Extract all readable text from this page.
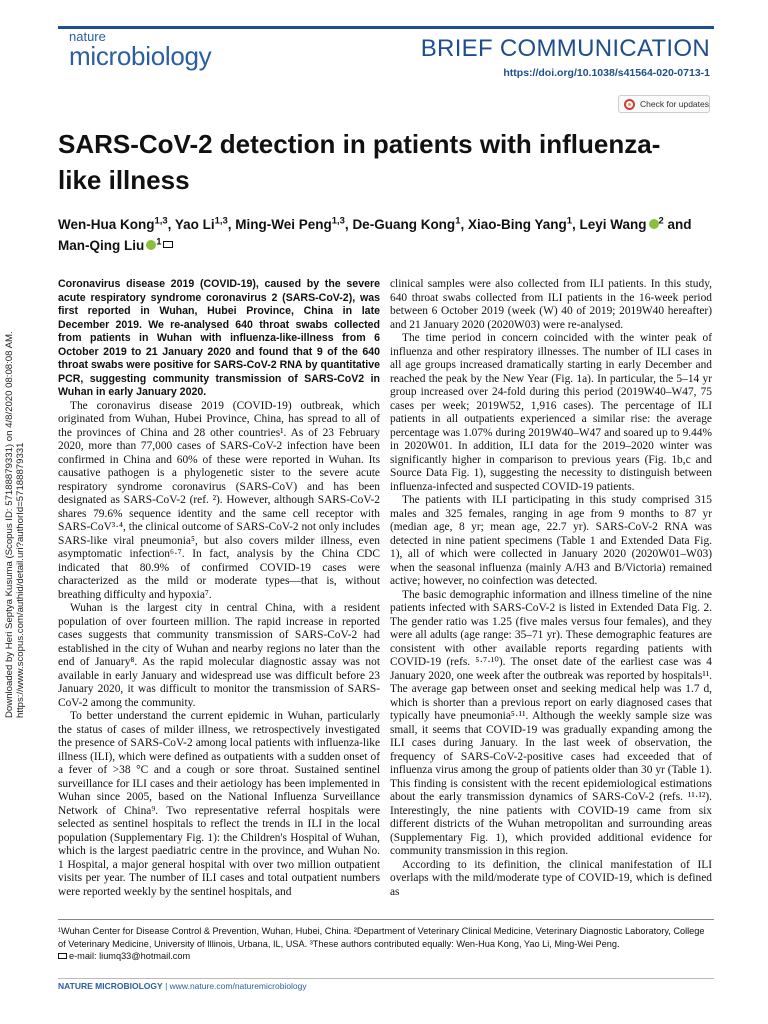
Downloaded by Heri Septya Kusuma (Scopus ID: 57188879331) on 4/8/2020 08:08:08 AM. https://www.scopus.com/authid/detail.uri?authorId=57188879331
nature
microbiology	BRIEF COMMUNICATION
https://doi.org/10.1038/s41564-020-0713-1
Check for updates
SARS-CoV-2 detection in patients with influenza-like illness
Wen-Hua Kong$^{1,3}$, Yao Li$^{1,3}$, Ming-Wei Peng$^{1,3}$, De-Guang Kong$^1$, Xiao-Bing Yang$^1$, Leyi Wang $^2$ and Man-Qing Liu $^1$

Coronavirus disease 2019 (COVID-19), caused by the severe acute respiratory syndrome coronavirus 2 (SARS-CoV-2), was first reported in Wuhan, Hubei Province, China in late December 2019. We re-analysed 640 throat swabs collected from patients in Wuhan with influenza-like-illness from 6 October 2019 to 21 January 2020 and found that 9 of the 640 throat swabs were positive for SARS-CoV-2 RNA by quantitative PCR, suggesting community transmission of SARS-CoV2 in Wuhan in early January 2020.

The coronavirus disease 2019 (COVID-19) outbreak, which originated from Wuhan, Hubei Province, China, has spread to all of the provinces of China and 28 other countries¹. As of 23 February 2020, more than 77,000 cases of SARS-CoV-2 infection have been confirmed in China and 60% of these were reported in Wuhan. Its causative pathogen is a phylogenetic sister to the severe acute respiratory syndrome coronavirus (SARS-CoV) and has been designated as SARS-CoV-2 (ref. ²). However, although SARS-CoV-2 shares 79.6% sequence identity and the same cell receptor with SARS-CoV³·⁴, the clinical outcome of SARS-CoV-2 not only includes SARS-like viral pneumonia⁵, but also covers milder illness, even asymptomatic infection⁶·⁷. In fact, analysis by the China CDC indicated that 80.9% of confirmed COVID-19 cases were characterized as the mild or moderate types—that is, without breathing difficulty and hypoxia⁷.

Wuhan is the largest city in central China, with a resident population of over fourteen million. The rapid increase in reported cases suggests that community transmission of SARS-CoV-2 had established in the city of Wuhan and nearby regions no later than the end of January⁸. As the rapid molecular diagnostic assay was not available in early January and widespread use was difficult before 23 January 2020, it was difficult to monitor the transmission of SARS-CoV-2 among the community.

To better understand the current epidemic in Wuhan, particularly the status of cases of milder illness, we retrospectively investigated the presence of SARS-CoV-2 among local patients with influenza-like illness (ILI), which were defined as outpatients with a sudden onset of a fever of >38 °C and a cough or sore throat. Sustained sentinel surveillance for ILI cases and their aetiology has been implemented in Wuhan since 2005, based on the National Influenza Surveillance Network of China⁹. Two representative referral hospitals were selected as sentinel hospitals to reflect the trends in ILI in the local population (Supplementary Fig. 1): the Children's Hospital of Wuhan, which is the largest paediatric centre in the province, and Wuhan No. 1 Hospital, a major general hospital with over two million outpatient visits per year. The number of ILI cases and total outpatient numbers were reported weekly by the sentinel hospitals, and

clinical samples were also collected from ILI patients. In this study, 640 throat swabs collected from ILI patients in the 16-week period between 6 October 2019 (week (W) 40 of 2019; 2019W40 hereafter) and 21 January 2020 (2020W03) were re-analysed.

The time period in concern coincided with the winter peak of influenza and other respiratory illnesses. The number of ILI cases in all age groups increased dramatically starting in early December and reached the peak by the New Year (Fig. 1a). In particular, the 5–14 yr group increased over 24-fold during this period (2019W40–W47, 75 cases per week; 2019W52, 1,916 cases). The percentage of ILI patients in all outpatients experienced a similar rise: the average percentage was 1.07% during 2019W40–W47 and soared up to 9.44% in 2020W01. In addition, ILI data for the 2019–2020 winter was significantly higher in comparison to previous years (Fig. 1b,c and Source Data Fig. 1), suggesting the necessity to distinguish between influenza-infected and suspected COVID-19 patients.

The patients with ILI participating in this study comprised 315 males and 325 females, ranging in age from 9 months to 87 yr (median age, 8 yr; mean age, 22.7 yr). SARS-CoV-2 RNA was detected in nine patient specimens (Table 1 and Extended Data Fig. 1), all of which were collected in January 2020 (2020W01–W03) when the seasonal influenza (mainly A/H3 and B/Victoria) remained active; however, no coinfection was detected.

The basic demographic information and illness timeline of the nine patients infected with SARS-CoV-2 is listed in Extended Data Fig. 2. The gender ratio was 1.25 (five males versus four females), and they were all adults (age range: 35–71 yr). These demographic features are consistent with other available reports regarding patients with COVID-19 (refs. ⁵·⁷·¹⁰). The onset date of the earliest case was 4 January 2020, one week after the outbreak was reported by hospitals¹¹. The average gap between onset and seeking medical help was 1.7 d, which is shorter than a previous report on early diagnosed cases that typically have pneumonia⁵·¹¹. Although the weekly sample size was small, it seems that COVID-19 was gradually expanding among the ILI cases during January. In the last week of observation, the frequency of SARS-CoV-2-positive cases had exceeded that of influenza virus among the group of patients older than 30 yr (Table 1). This finding is consistent with the recent epidemiological estimations about the early transmission dynamics of SARS-CoV-2 (refs. ¹¹·¹²). Interestingly, the nine patients with COVID-19 came from six different districts of the Wuhan metropolitan and surrounding areas (Supplementary Fig. 1), which provided additional evidence for community transmission in this region.

According to its definition, the clinical manifestation of ILI overlaps with the mild/moderate type of COVID-19, which is defined as

¹Wuhan Center for Disease Control & Prevention, Wuhan, Hubei, China. ²Department of Veterinary Clinical Medicine, Veterinary Diagnostic Laboratory, College of Veterinary Medicine, University of Illinois, Urbana, IL, USA. ³These authors contributed equally: Wen-Hua Kong, Yao Li, Ming-Wei Peng.
e-mail: liumq33@hotmail.com
NATURE MICROBIOLOGY | www.nature.com/naturemicrobiology
